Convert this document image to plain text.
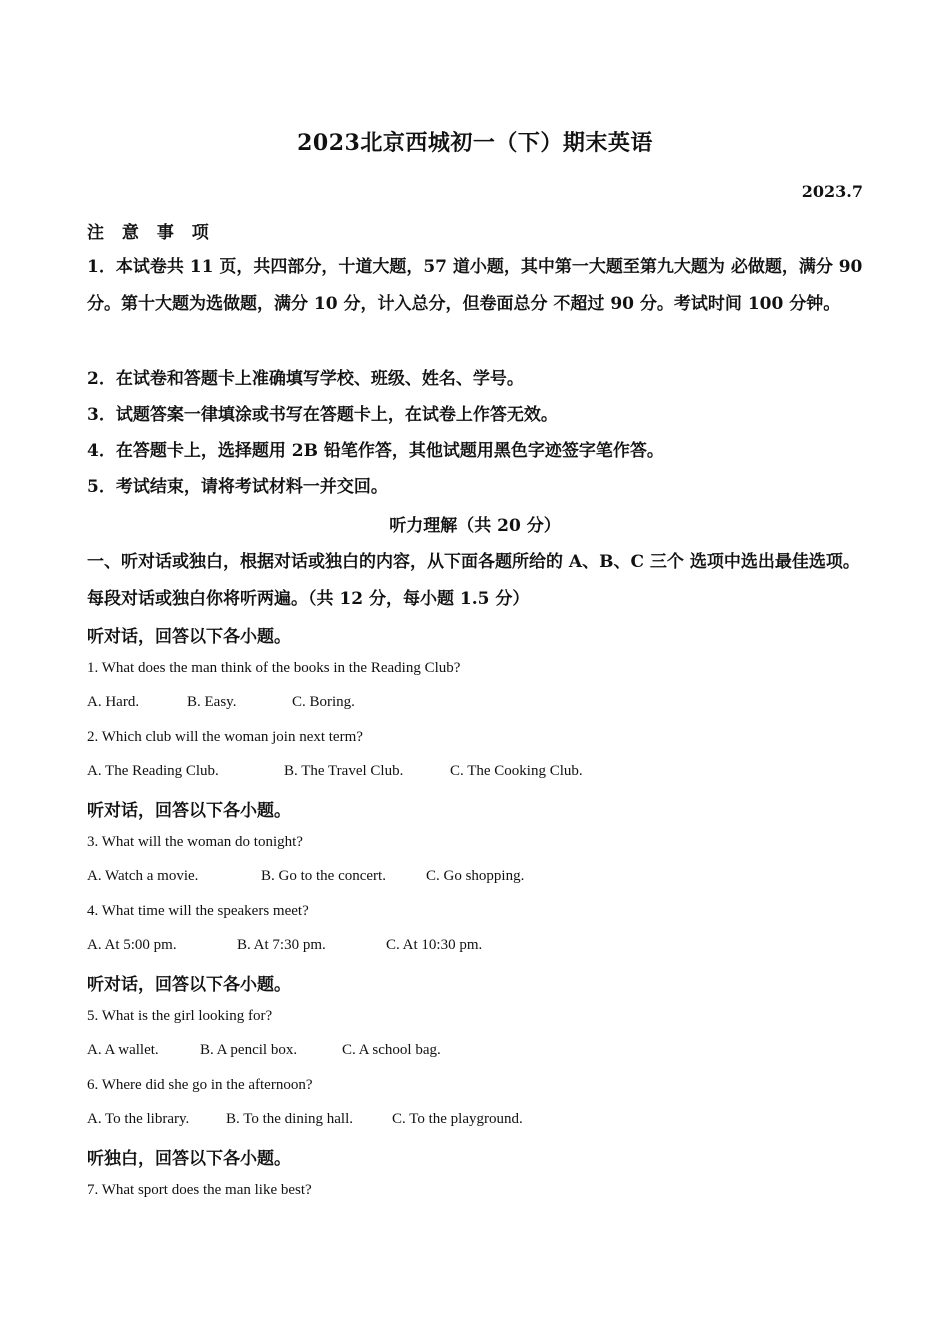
2023北京西城初一（下）期末英语
2023.7
注 意 事 项

1．本试卷共 11 页，共四部分，十道大题，57 道小题，其中第一大题至第九大题为 必做题，满分 90 分。第十大题为选做题，满分 10 分，计入总分，但卷面总分 不超过 90 分。考试时间 100 分钟。

2．在试卷和答题卡上准确填写学校、班级、姓名、学号。

3．试题答案一律填涂或书写在答题卡上，在试卷上作答无效。

4．在答题卡上，选择题用 2B 铅笔作答，其他试题用黑色字迹签字笔作答。

5．考试结束，请将考试材料一并交回。

听力理解（共 20 分）

一、听对话或独白，根据对话或独白的内容，从下面各题所给的 A、B、C 三个 选项中选出最佳选项。每段对话或独白你将听两遍。（共 12 分，每小题 1.5 分）

听对话，回答以下各小题。
1. What does the man think of the books in the Reading Club?
A. Hard.	B. Easy.	C. Boring.
2. Which club will the woman join next term?
A. The Reading Club.	B. The Travel Club.	C. The Cooking Club.
听对话，回答以下各小题。
3. What will the woman do tonight?
A. Watch a movie.	B. Go to the concert.	C. Go shopping.
4. What time will the speakers meet?
A. At 5:00 pm.	B. At 7:30 pm.	C. At 10:30 pm.
听对话，回答以下各小题。
5. What is the girl looking for?
A. A wallet.	B. A pencil box.	C. A school bag.
6. Where did she go in the afternoon?
A. To the library. B. To the dining hall.	C. To the playground.
听独白，回答以下各小题。
7. What sport does the man like best?
